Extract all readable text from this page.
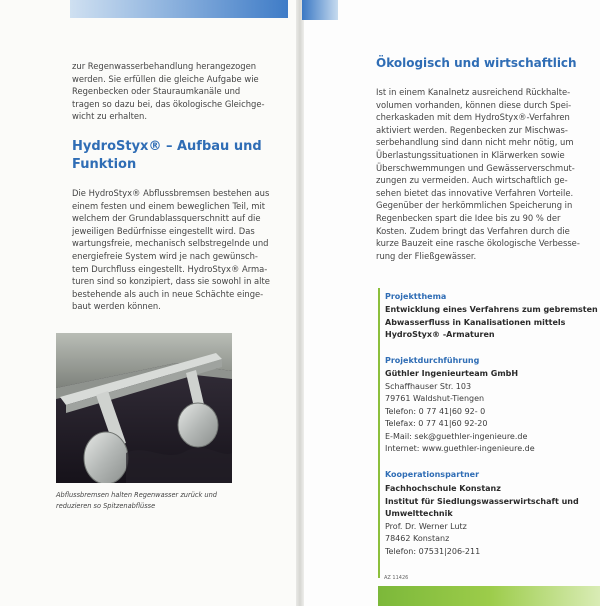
zur Regenwasserbehandlung herangezogen
werden. Sie erfüllen die gleiche Aufgabe wie
Regenbecken oder Stauraumkanäle und
tragen so dazu bei, das ökologische Gleichge-
wicht zu erhalten.

HydroStyx® – Aufbau und
Funktion

Die HydroStyx® Abflussbremsen bestehen aus
einem festen und einem beweglichen Teil, mit
welchem der Grundablassquerschnitt auf die
jeweiligen Bedürfnisse eingestellt wird. Das
wartungsfreie, mechanisch selbstregelnde und
energiefreie System wird je nach gewünsch-
tem Durchfluss eingestellt. HydroStyx® Arma-
turen sind so konzipiert, dass sie sowohl in alte
bestehende als auch in neue Schächte einge-
baut werden können.

Abflussbremsen halten Regenwasser zurück und
reduzieren so Spitzenabflüsse

Ökologisch und wirtschaftlich

Ist in einem Kanalnetz ausreichend Rückhalte-
volumen vorhanden, können diese durch Spei-
cherkaskaden mit dem HydroStyx®-Verfahren
aktiviert werden. Regenbecken zur Mischwas-
serbehandlung sind dann nicht mehr nötig, um
Überlastungssituationen in Klärwerken sowie
Überschwemmungen und Gewässerverschmut-
zungen zu vermeiden. Auch wirtschaftlich ge-
sehen bietet das innovative Verfahren Vorteile.
Gegenüber der herkömmlichen Speicherung in
Regenbecken spart die Idee bis zu 90 % der
Kosten. Zudem bringt das Verfahren durch die
kurze Bauzeit eine rasche ökologische Verbesse-
rung der Fließgewässer.

Projektthema

Entwicklung eines Verfahrens zum gebremsten
Abwasserfluss in Kanalisationen mittels
HydroStyx® -Armaturen

Projektdurchführung

Güthler Ingenieurteam GmbH

Schaffhauser Str. 103
79761 Waldshut-Tiengen
Telefon: 0 77 41|60 92- 0
Telefax: 0 77 41|60 92-20
E-Mail: sek@guethler-ingenieure.de
Internet: www.guethler-ingenieure.de

Kooperationspartner

Fachhochschule Konstanz
Institut für Siedlungswasserwirtschaft und
Umwelttechnik

Prof. Dr. Werner Lutz
78462 Konstanz
Telefon: 07531|206-211

AZ 11426
